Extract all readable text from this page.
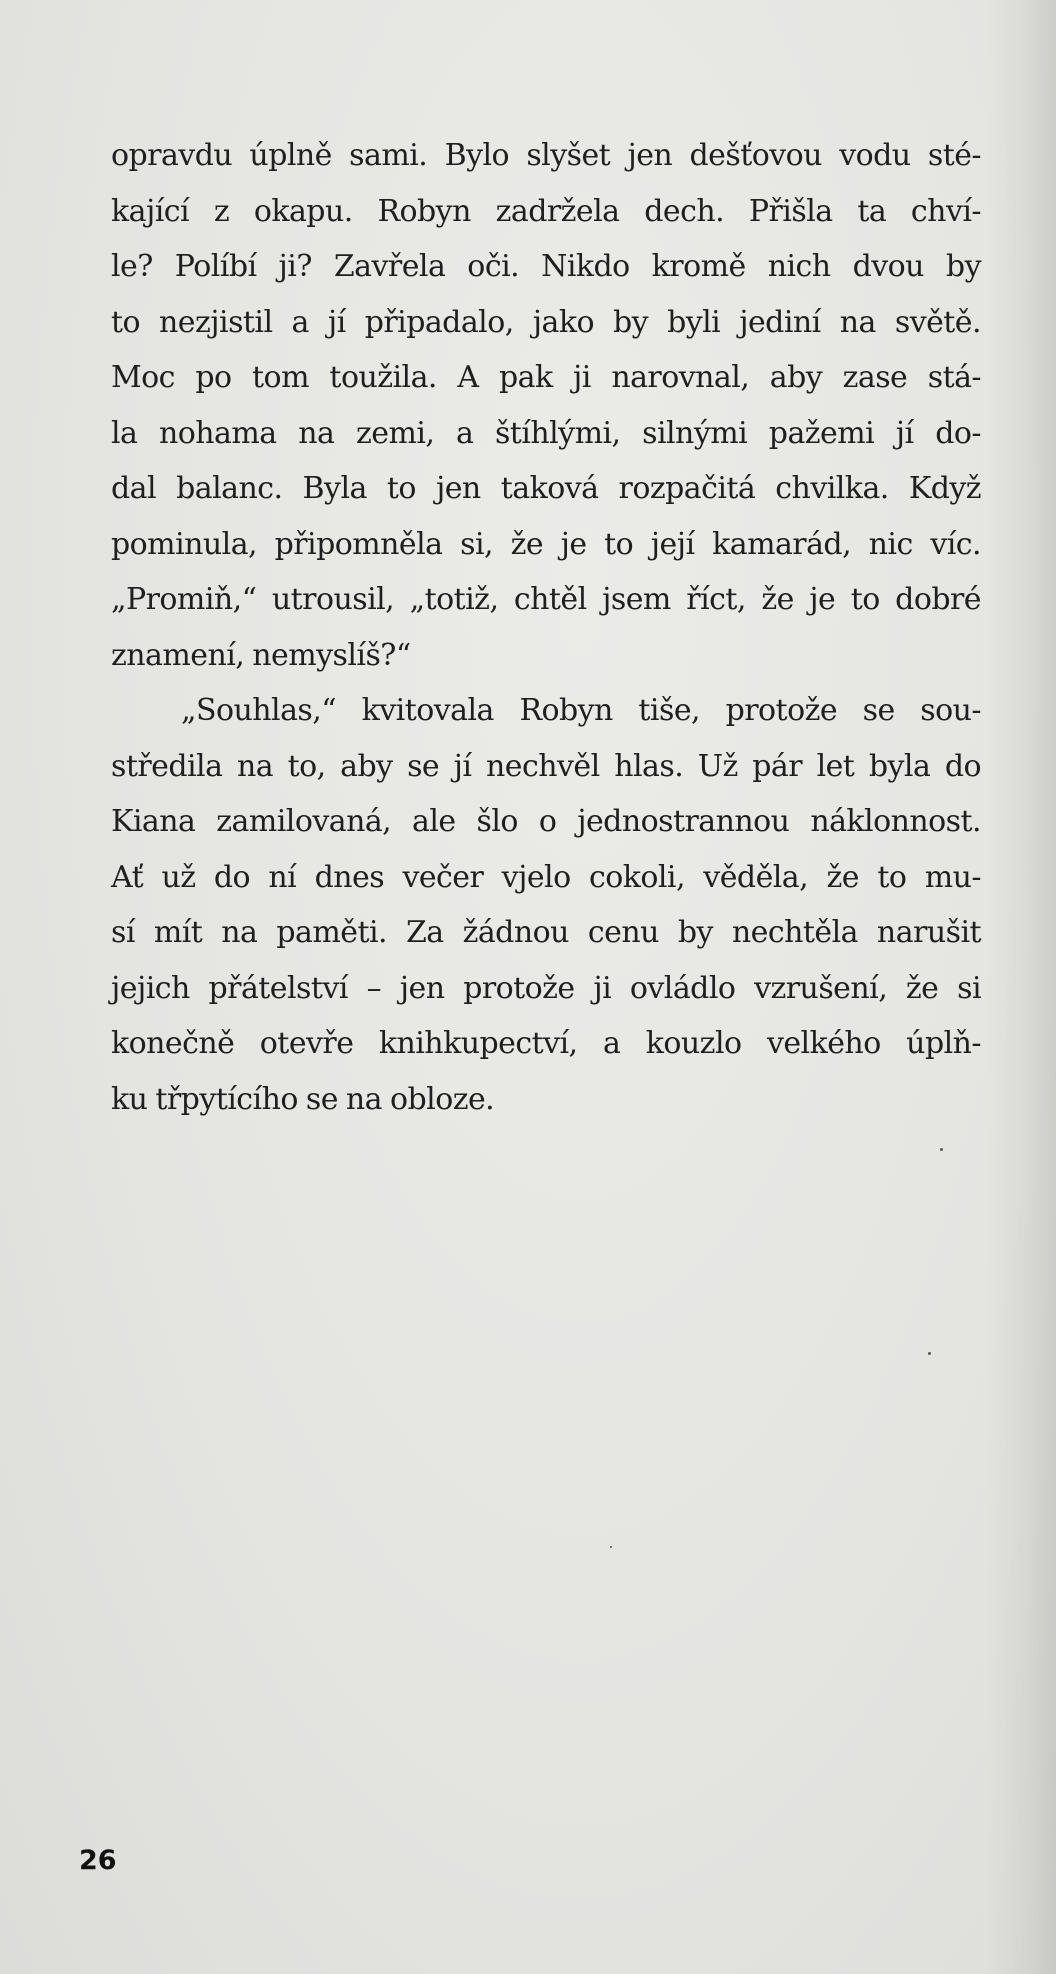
opravdu úplně sami. Bylo slyšet jen dešťovou vodu sté-
kající z okapu. Robyn zadržela dech. Přišla ta chví-
le? Políbí ji? Zavřela oči. Nikdo kromě nich dvou by
to nezjistil a jí připadalo, jako by byli jediní na světě.
Moc po tom toužila. A pak ji narovnal, aby zase stá-
la nohama na zemi, a štíhlými, silnými pažemi jí do-
dal balanc. Byla to jen taková rozpačitá chvilka. Když
pominula, připomněla si, že je to její kamarád, nic víc.
„Promiň,“ utrousil, „totiž, chtěl jsem říct, že je to dobré
znamení, nemyslíš?“
„Souhlas,“ kvitovala Robyn tiše, protože se sou-
středila na to, aby se jí nechvěl hlas. Už pár let byla do
Kiana zamilovaná, ale šlo o jednostrannou náklonnost.
Ať už do ní dnes večer vjelo cokoli, věděla, že to mu-
sí mít na paměti. Za žádnou cenu by nechtěla narušit
jejich přátelství – jen protože ji ovládlo vzrušení, že si
konečně otevře knihkupectví, a kouzlo velkého úplň-
ku třpytícího se na obloze.
26
